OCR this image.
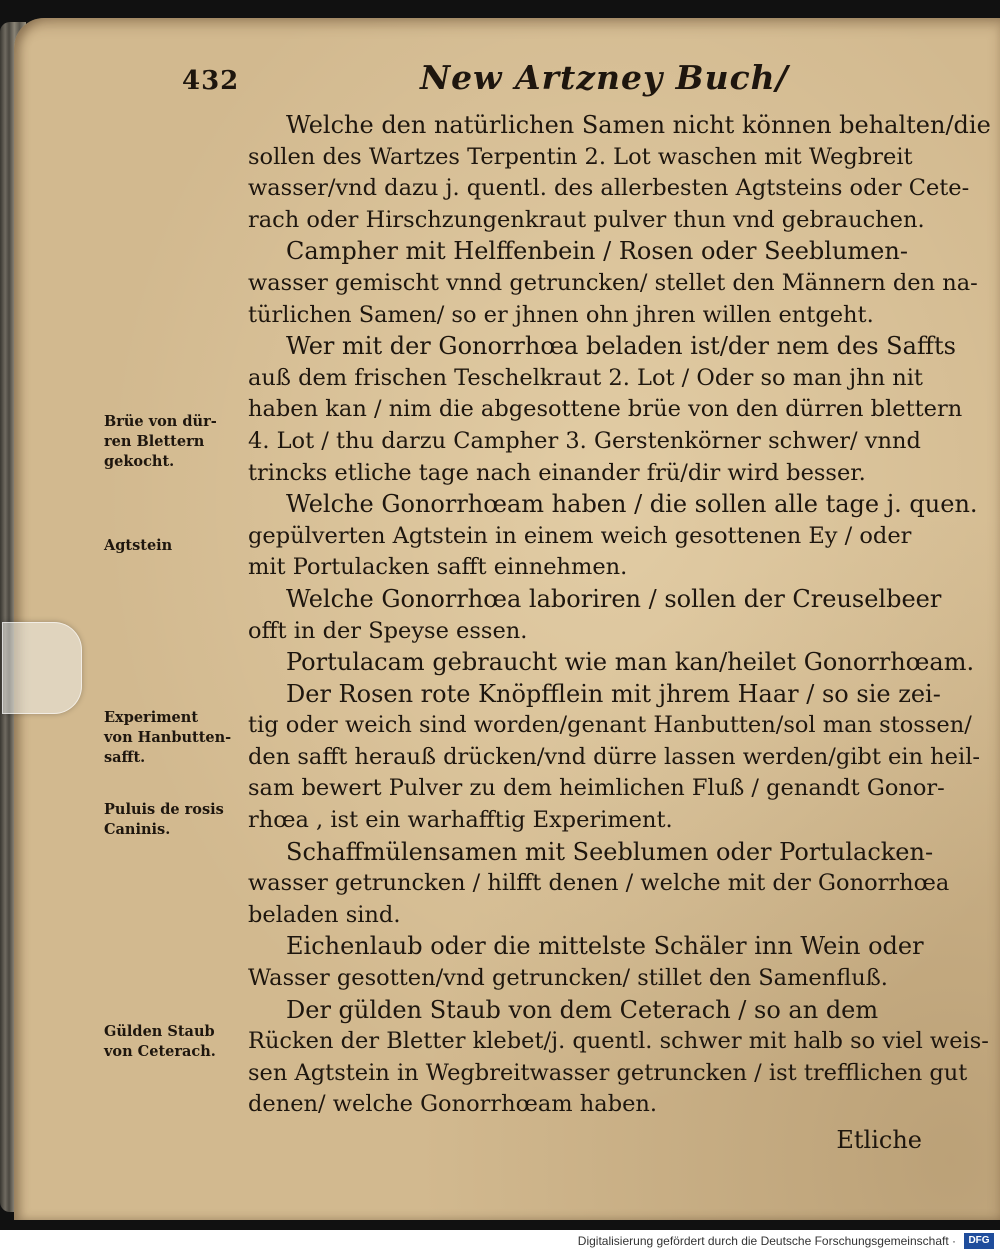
432	New Artzney Buch/
Welche den natürlichen Samen nicht können behalten/die
sollen des Wartzes Terpentin 2. Lot waschen mit Wegbreit
wasser/vnd dazu j. quentl. des allerbesten Agtsteins oder Cete-
rach oder Hirschzungenkraut pulver thun vnd gebrauchen.
Campher mit Helffenbein / Rosen oder Seeblumen-
wasser gemischt vnnd getruncken/ stellet den Männern den na-
türlichen Samen/ so er jhnen ohn jhren willen entgeht.
Wer mit der Gonorrhœa beladen ist/der nem des Saffts
auß dem frischen Teschelkraut 2. Lot / Oder so man jhn nit
haben kan / nim die abgesottene brüe von den dürren blettern
4. Lot / thu darzu Campher 3. Gerstenkörner schwer/ vnnd
trincks etliche tage nach einander frü/dir wird besser.
Welche Gonorrhœam haben / die sollen alle tage j. quen.
gepülverten Agtstein in einem weich gesottenen Ey / oder
mit Portulacken safft einnehmen.
Welche Gonorrhœa laboriren / sollen der Creuselbeer
offt in der Speyse essen.
Portulacam gebraucht wie man kan/heilet Gonorrhœam.
Der Rosen rote Knöpfflein mit jhrem Haar / so sie zei-
tig oder weich sind worden/genant Hanbutten/sol man stossen/
den safft herauß drücken/vnd dürre lassen werden/gibt ein heil-
sam bewert Pulver zu dem heimlichen Fluß / genandt Gonor-
rhœa , ist ein warhafftig Experiment.
Schaffmülensamen mit Seeblumen oder Portulacken-
wasser getruncken / hilfft denen / welche mit der Gonorrhœa
beladen sind.
Eichenlaub oder die mittelste Schäler inn Wein oder
Wasser gesotten/vnd getruncken/ stillet den Samenfluß.
Der gülden Staub von dem Ceterach / so an dem
Rücken der Bletter klebet/j. quentl. schwer mit halb so viel weis-
sen Agtstein in Wegbreitwasser getruncken / ist trefflichen gut
denen/ welche Gonorrhœam haben.
Etliche
Brüe von dür-
ren Blettern
gekocht.
Agtstein
Experiment
von Hanbutten-
safft.
Puluis de rosis
Caninis.
Gülden Staub
von Ceterach.
Digitalisierung gefördert durch die Deutsche Forschungsgemeinschaft ·	DFG
